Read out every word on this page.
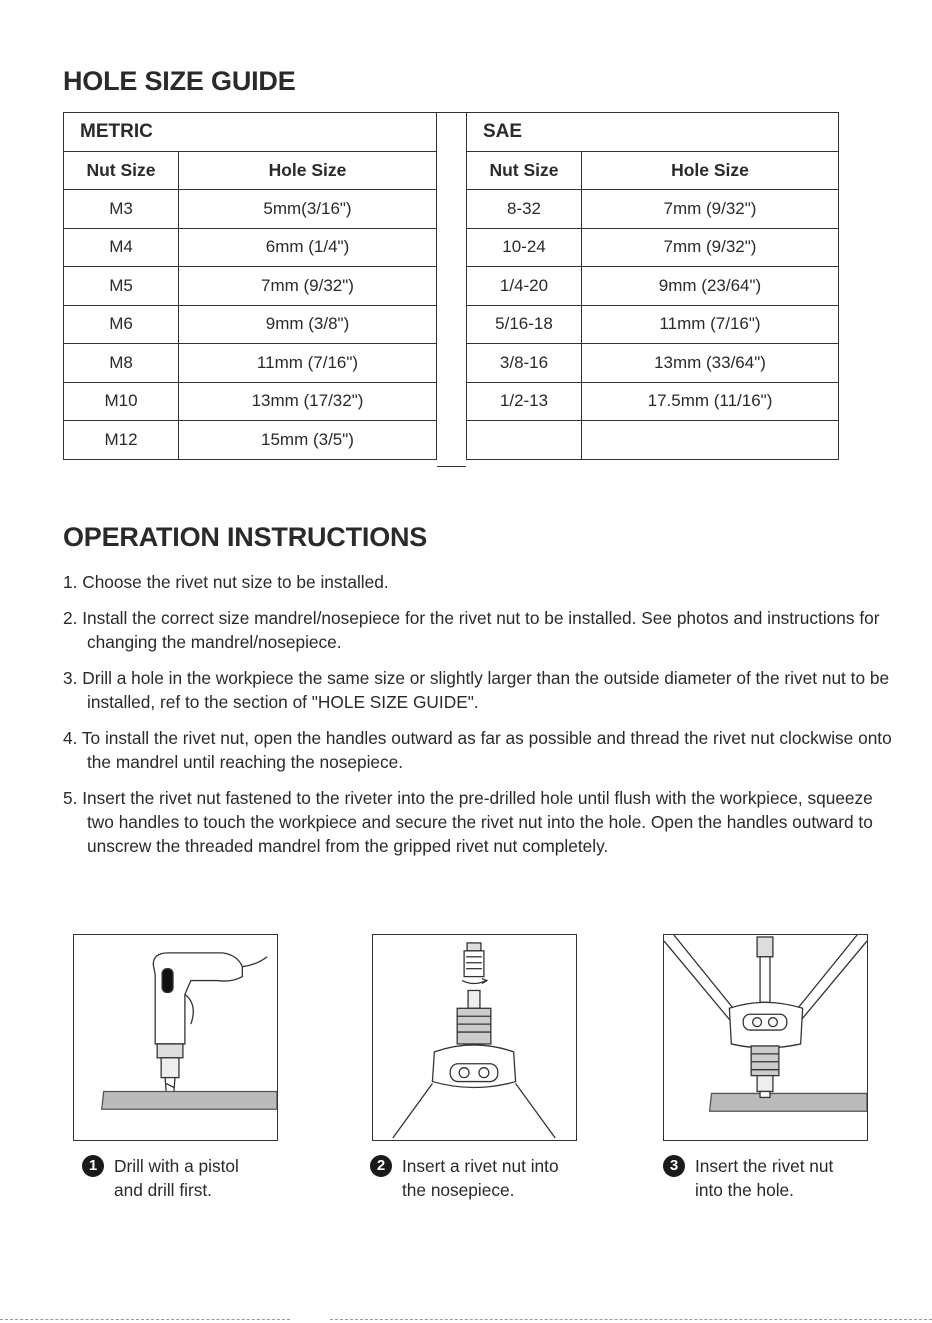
HOLE SIZE GUIDE
METRIC	
Nut Size	Hole Size
M3	5mm(3/16")
M4	6mm (1/4")
M5	7mm (9/32")
M6	9mm (3/8")
M8	11mm (7/16")
M10	13mm (17/32")
M12	15mm (3/5")
SAE	
Nut Size	Hole Size
8-32	7mm (9/32")
10-24	7mm (9/32")
1/4-20	9mm (23/64")
5/16-18	11mm (7/16")
3/8-16	13mm (33/64")
1/2-13	17.5mm (11/16")

OPERATION INSTRUCTIONS
1. Choose the rivet nut size to be installed.
2. Install the correct size mandrel/nosepiece for the rivet nut to be installed. See photos and instructions for changing the mandrel/nosepiece.
3. Drill a hole in the workpiece the same size or slightly larger than the outside diameter of the rivet nut to be installed, ref to the section of "HOLE SIZE GUIDE".
4. To install the rivet nut, open the handles outward as far as possible and thread the rivet nut clockwise onto the mandrel until reaching the nosepiece.
5. Insert the rivet nut fastened to the riveter into the pre-drilled hole until flush with the workpiece, squeeze two handles to touch the workpiece and secure the rivet nut into the hole. Open the handles outward to unscrew the threaded mandrel from the gripped rivet nut completely.
1 Drill with a pistol
and drill first.
2 Insert a rivet nut into
the nosepiece.
3 Insert the rivet nut
into the hole.
